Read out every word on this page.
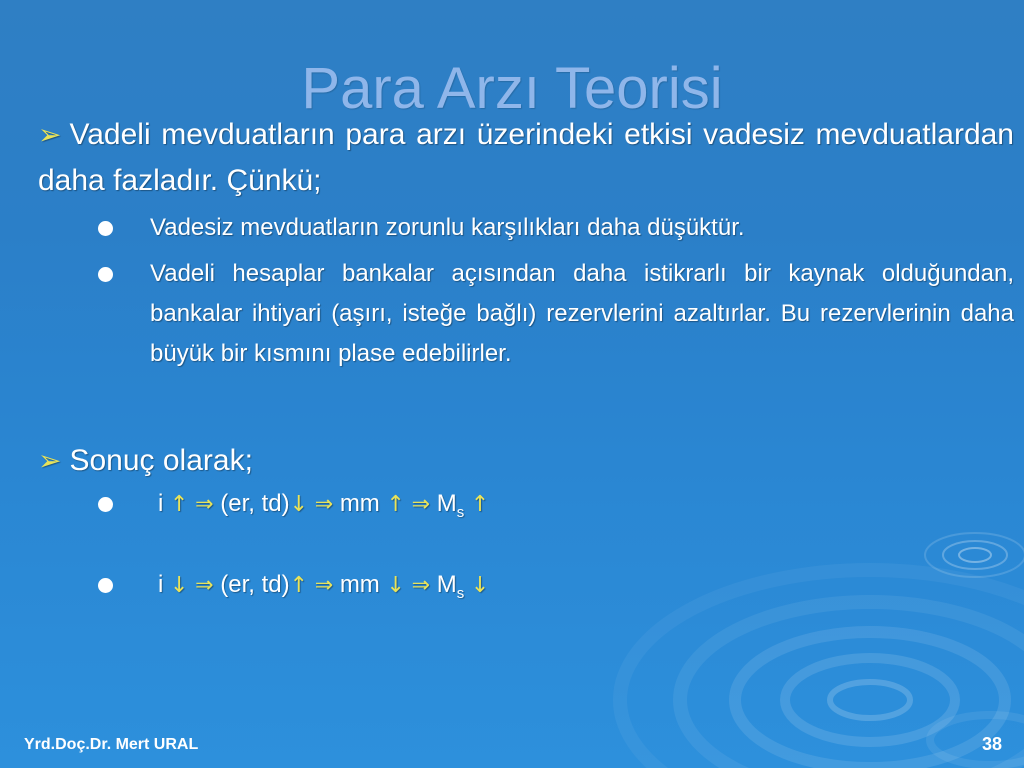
Para Arzı Teorisi
➢ Vadeli mevduatların para arzı üzerindeki etkisi vadesiz mevduatlardan daha fazladır. Çünkü;
Vadesiz mevduatların zorunlu karşılıkları daha düşüktür.
Vadeli hesaplar bankalar açısından daha istikrarlı bir kaynak olduğundan, bankalar ihtiyari (aşırı, isteğe bağlı) rezervlerini azaltırlar. Bu rezervlerinin daha büyük bir kısmını plase edebilirler.
➢ Sonuç olarak;
i ↑ ⇒ (er, td)↓ ⇒ mm ↑ ⇒ $M_s$ ↑
i ↓ ⇒ (er, td)↑ ⇒ mm ↓ ⇒ $M_s$ ↓
Yrd.Doç.Dr. Mert URAL	38
